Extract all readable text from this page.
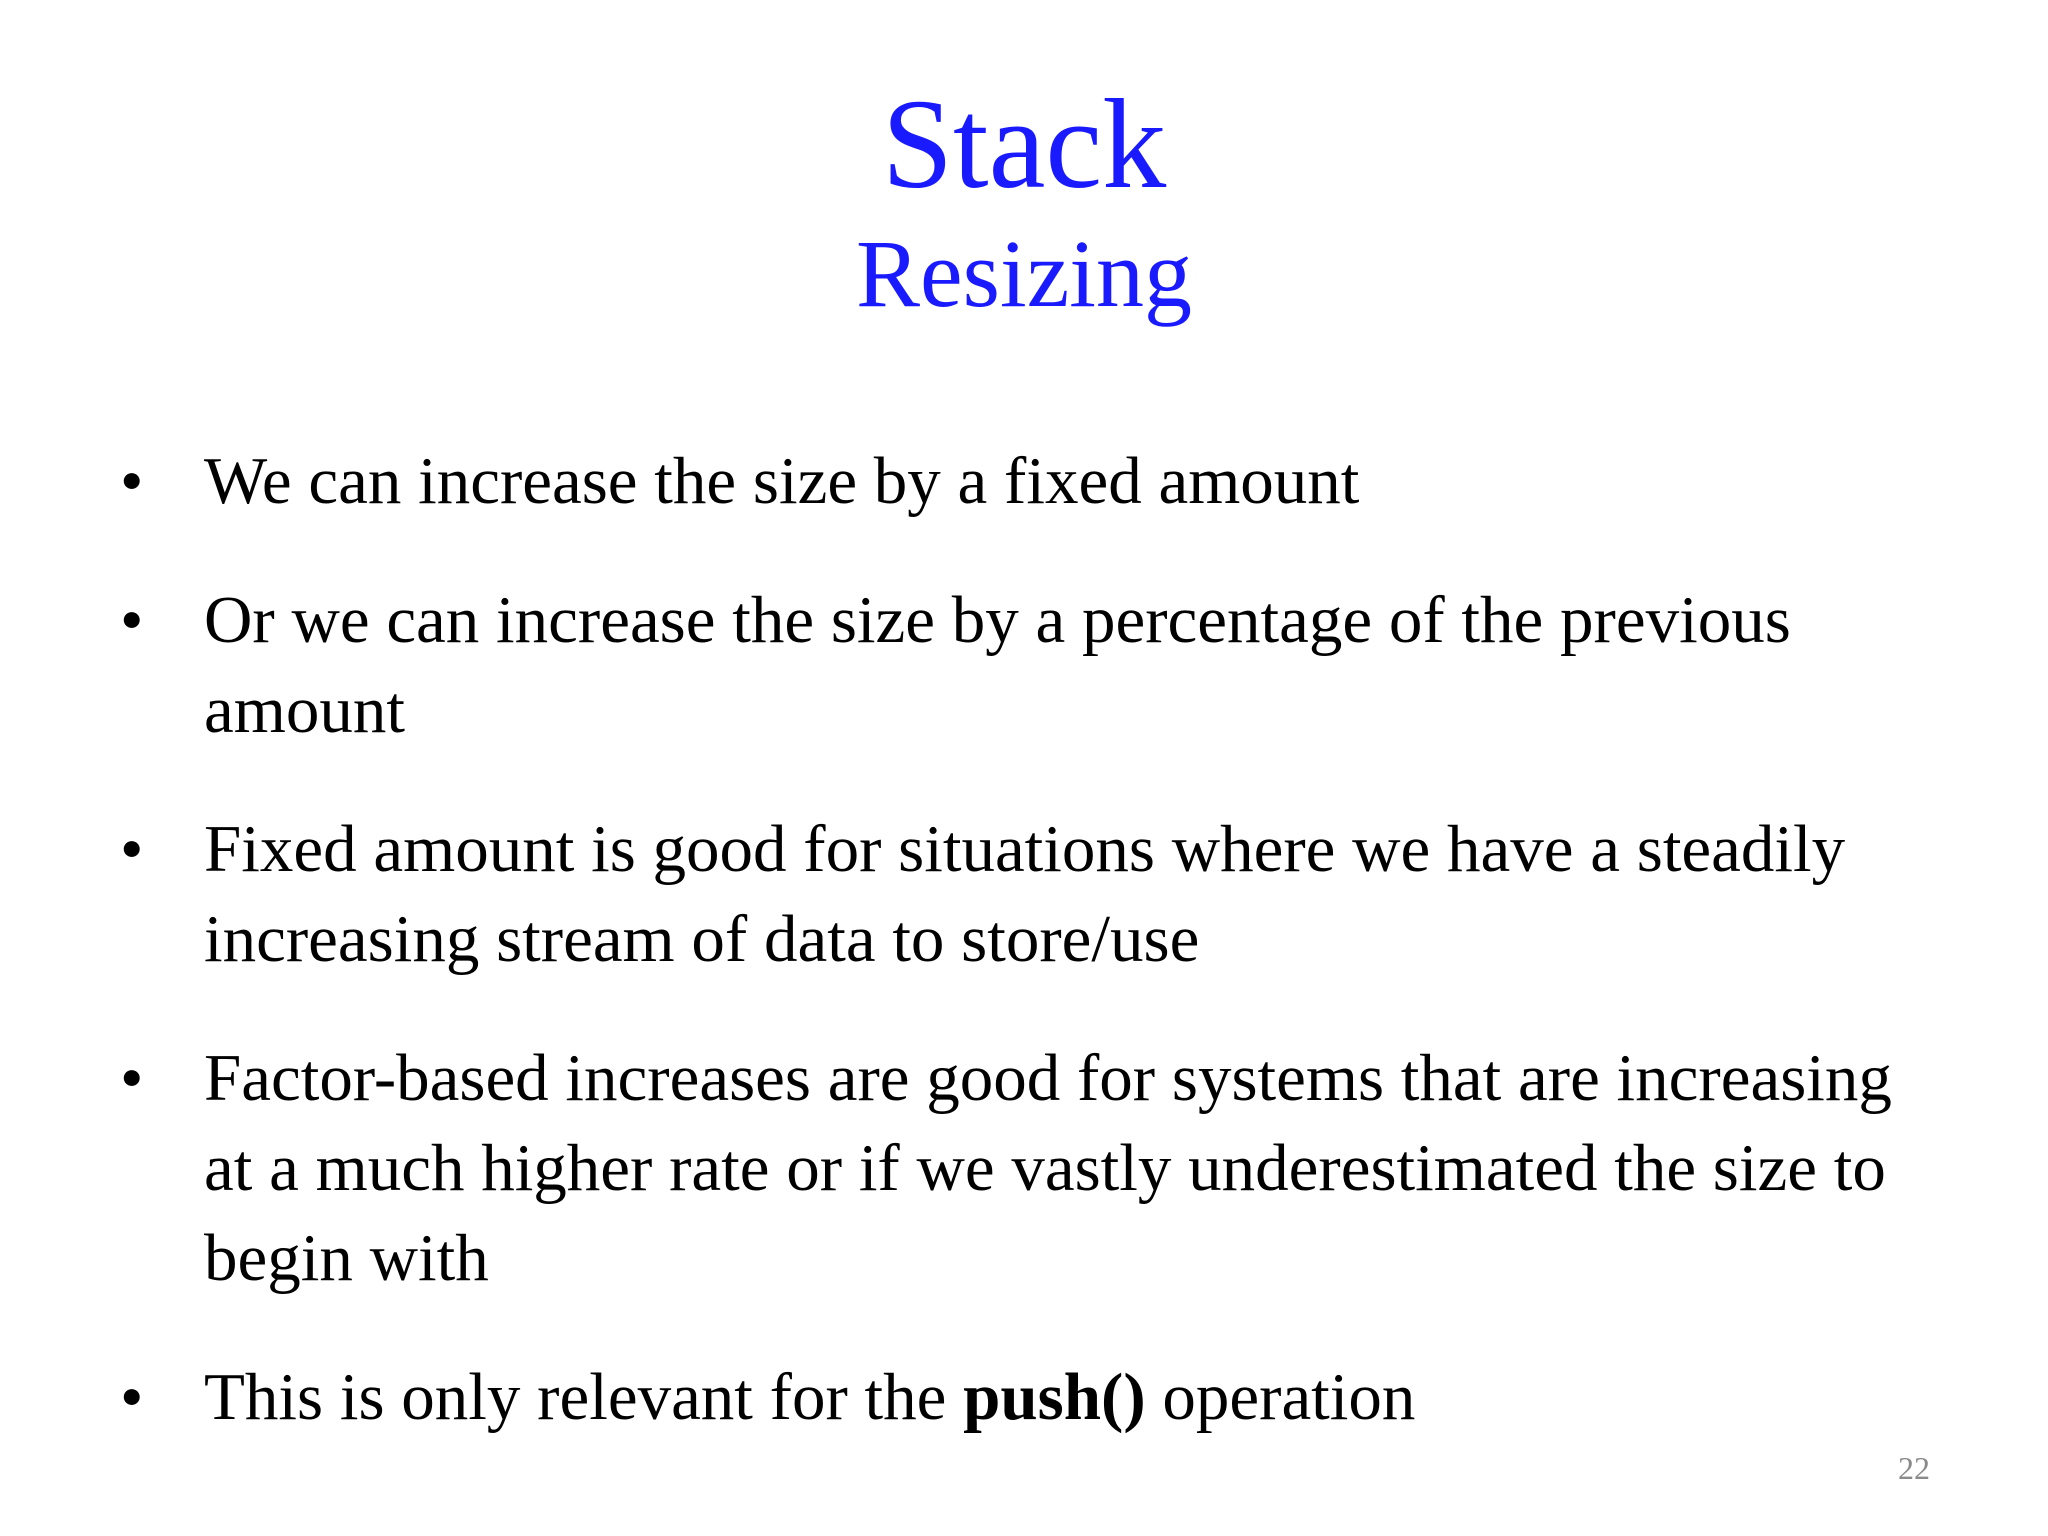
Stack
Resizing
• We can increase the size by a fixed amount
• Or we can increase the size by a percentage of the previous amount
• Fixed amount is good for situations where we have a steadily increasing stream of data to store/use
• Factor-based increases are good for systems that are increasing at a much higher rate or if we vastly underestimated the size to begin with
• This is only relevant for the push() operation
22
